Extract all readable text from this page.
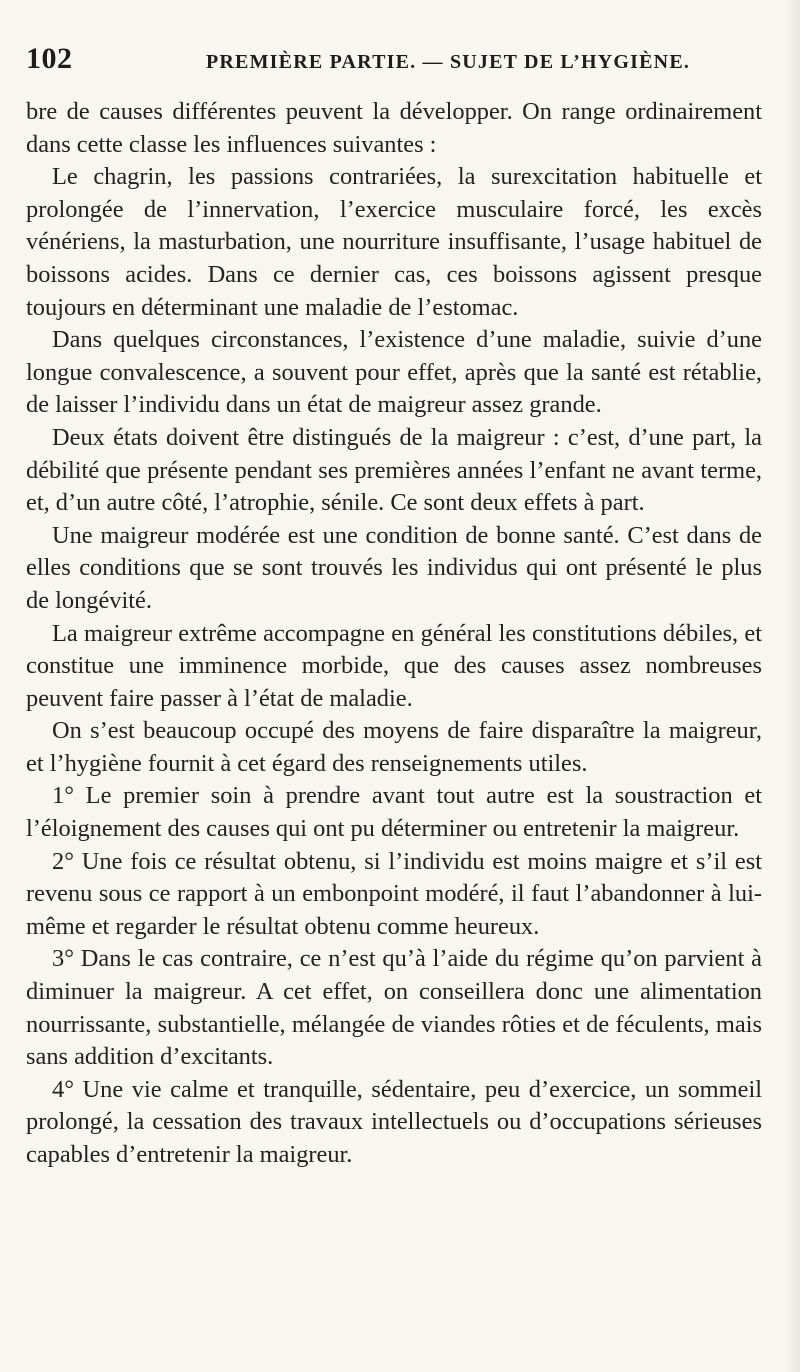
102	PREMIÈRE PARTIE. — SUJET DE L’HYGIÈNE.

bre de causes différentes peuvent la développer. On range ordinairement dans cette classe les influences suivantes :

Le chagrin, les passions contrariées, la surexcitation habituelle et prolongée de l’innervation, l’exercice musculaire forcé, les excès vénériens, la masturbation, une nourriture insuffisante, l’usage habituel de boissons acides. Dans ce dernier cas, ces boissons agissent presque toujours en déterminant une maladie de l’estomac.

Dans quelques circonstances, l’existence d’une maladie, suivie d’une longue convalescence, a souvent pour effet, après que la santé est rétablie, de laisser l’individu dans un état de maigreur assez grande.

Deux états doivent être distingués de la maigreur : c’est, d’une part, la débilité que présente pendant ses premières années l’enfant ne avant terme, et, d’un autre côté, l’atrophie, sénile. Ce sont deux effets à part.

Une maigreur modérée est une condition de bonne santé. C’est dans de elles conditions que se sont trouvés les individus qui ont présenté le plus de longévité.

La maigreur extrême accompagne en général les constitutions débiles, et constitue une imminence morbide, que des causes assez nombreuses peuvent faire passer à l’état de maladie.

On s’est beaucoup occupé des moyens de faire disparaître la maigreur, et l’hygiène fournit à cet égard des renseignements utiles.

1° Le premier soin à prendre avant tout autre est la soustraction et l’éloignement des causes qui ont pu déterminer ou entretenir la maigreur.

2° Une fois ce résultat obtenu, si l’individu est moins maigre et s’il est revenu sous ce rapport à un embonpoint modéré, il faut l’abandonner à lui-même et regarder le résultat obtenu comme heureux.

3° Dans le cas contraire, ce n’est qu’à l’aide du régime qu’on parvient à diminuer la maigreur. A cet effet, on conseillera donc une alimentation nourrissante, substantielle, mélangée de viandes rôties et de féculents, mais sans addition d’excitants.

4° Une vie calme et tranquille, sédentaire, peu d’exercice, un sommeil prolongé, la cessation des travaux intellectuels ou d’occupations sérieuses capables d’entretenir la maigreur.
